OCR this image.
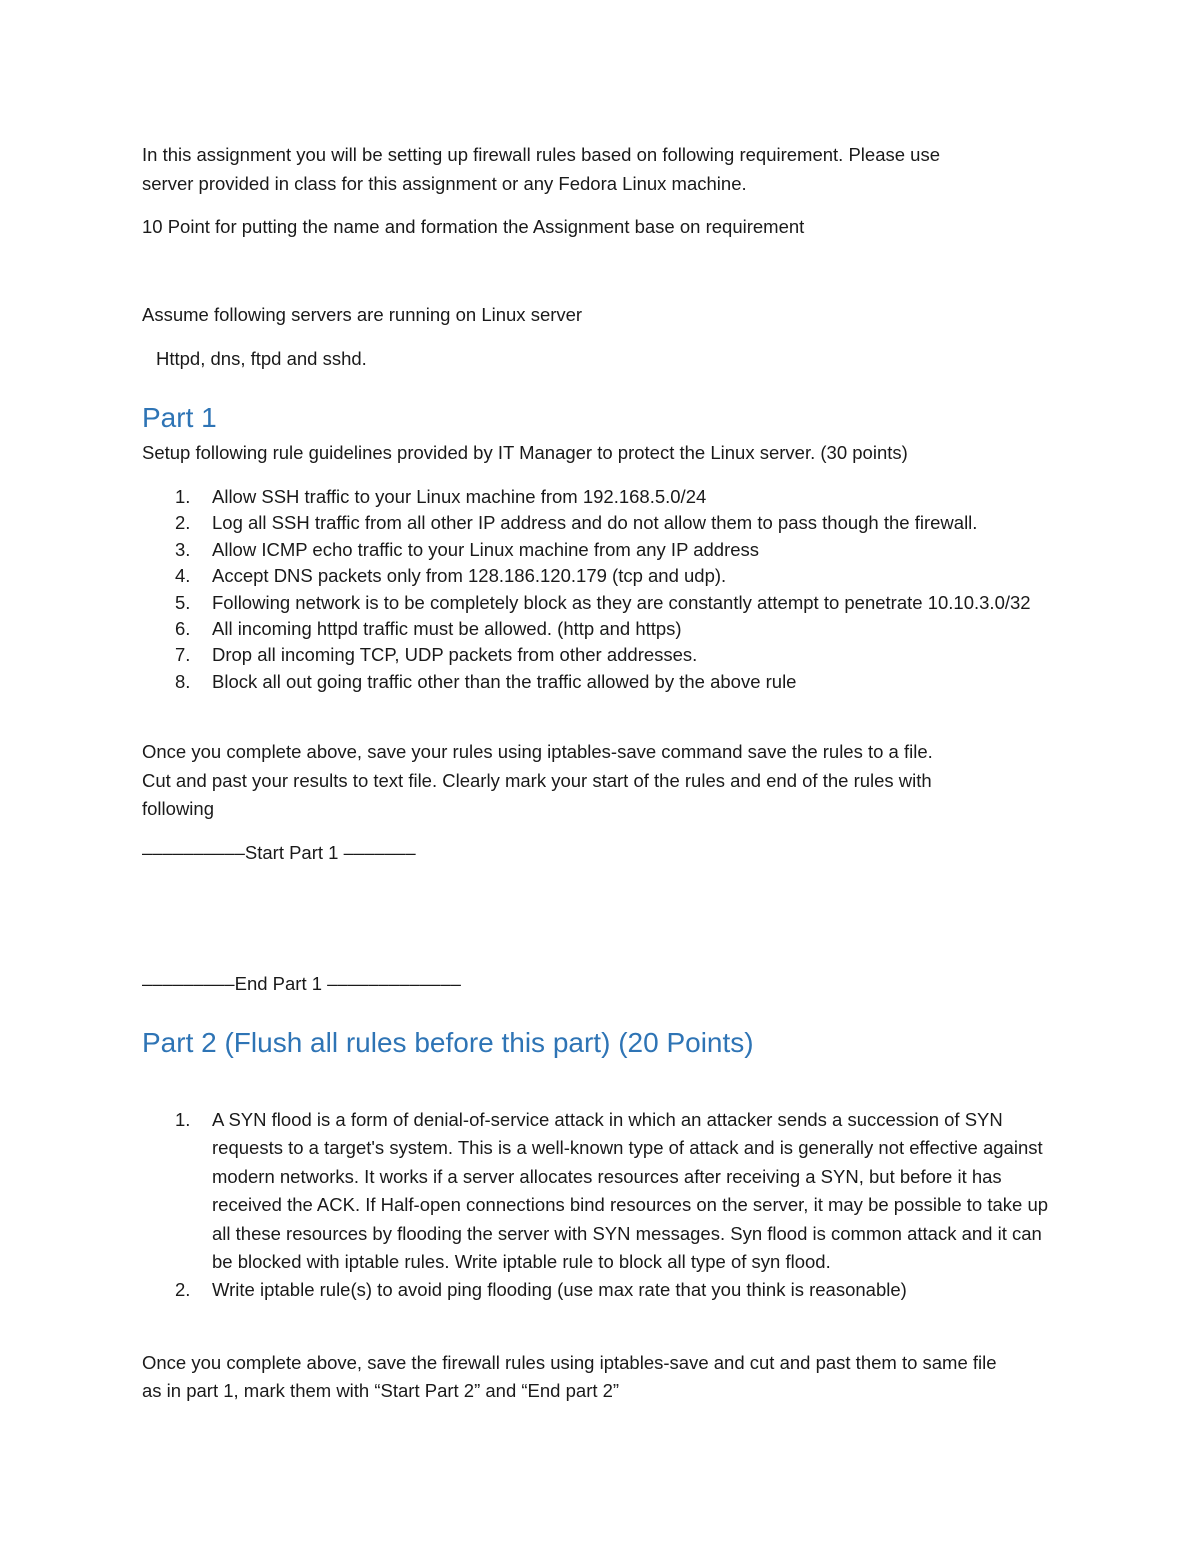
In this assignment you will be setting up firewall rules based on following requirement. Please use

server provided in class for this assignment or any Fedora Linux machine.

10 Point for putting the name and formation the Assignment base on requirement

Assume following servers are running on Linux server

Httpd, dns, ftpd and sshd.

Part 1

Setup following rule guidelines provided by IT Manager to protect the Linux server. (30 points)

1. Allow SSH traffic to your Linux machine from 192.168.5.0/24
2. Log all SSH traffic from all other IP address and do not allow them to pass though the firewall.
3. Allow ICMP echo traffic to your Linux machine from any IP address
4. Accept DNS packets only from 128.186.120.179 (tcp and udp).
5. Following network is to be completely block as they are constantly attempt to penetrate 10.10.3.0/32
6. All incoming httpd traffic must be allowed. (http and https)
7. Drop all incoming TCP, UDP packets from other addresses.
8. Block all out going traffic other than the traffic allowed by the above rule

Once you complete above, save your rules using iptables-save command save the rules to a file.

Cut and past your results to text file. Clearly mark your start of the rules and end of the rules with

following

––––––––––Start Part 1 –––––––

–––––––––End Part 1 –––––––––––––

Part 2 (Flush all rules before this part) (20 Points)
1. A SYN flood is a form of denial-of-service attack in which an attacker sends a succession of SYN requests to a target's system. This is a well-known type of attack and is generally not effective against modern networks. It works if a server allocates resources after receiving a SYN, but before it has received the ACK. If Half-open connections bind resources on the server, it may be possible to take up all these resources by flooding the server with SYN messages. Syn flood is common attack and it can be blocked with iptable rules. Write iptable rule to block all type of syn flood.
2. Write iptable rule(s) to avoid ping flooding (use max rate that you think is reasonable)

Once you complete above, save the firewall rules using iptables-save and cut and past them to same file

as in part 1, mark them with “Start Part 2” and “End part 2”
